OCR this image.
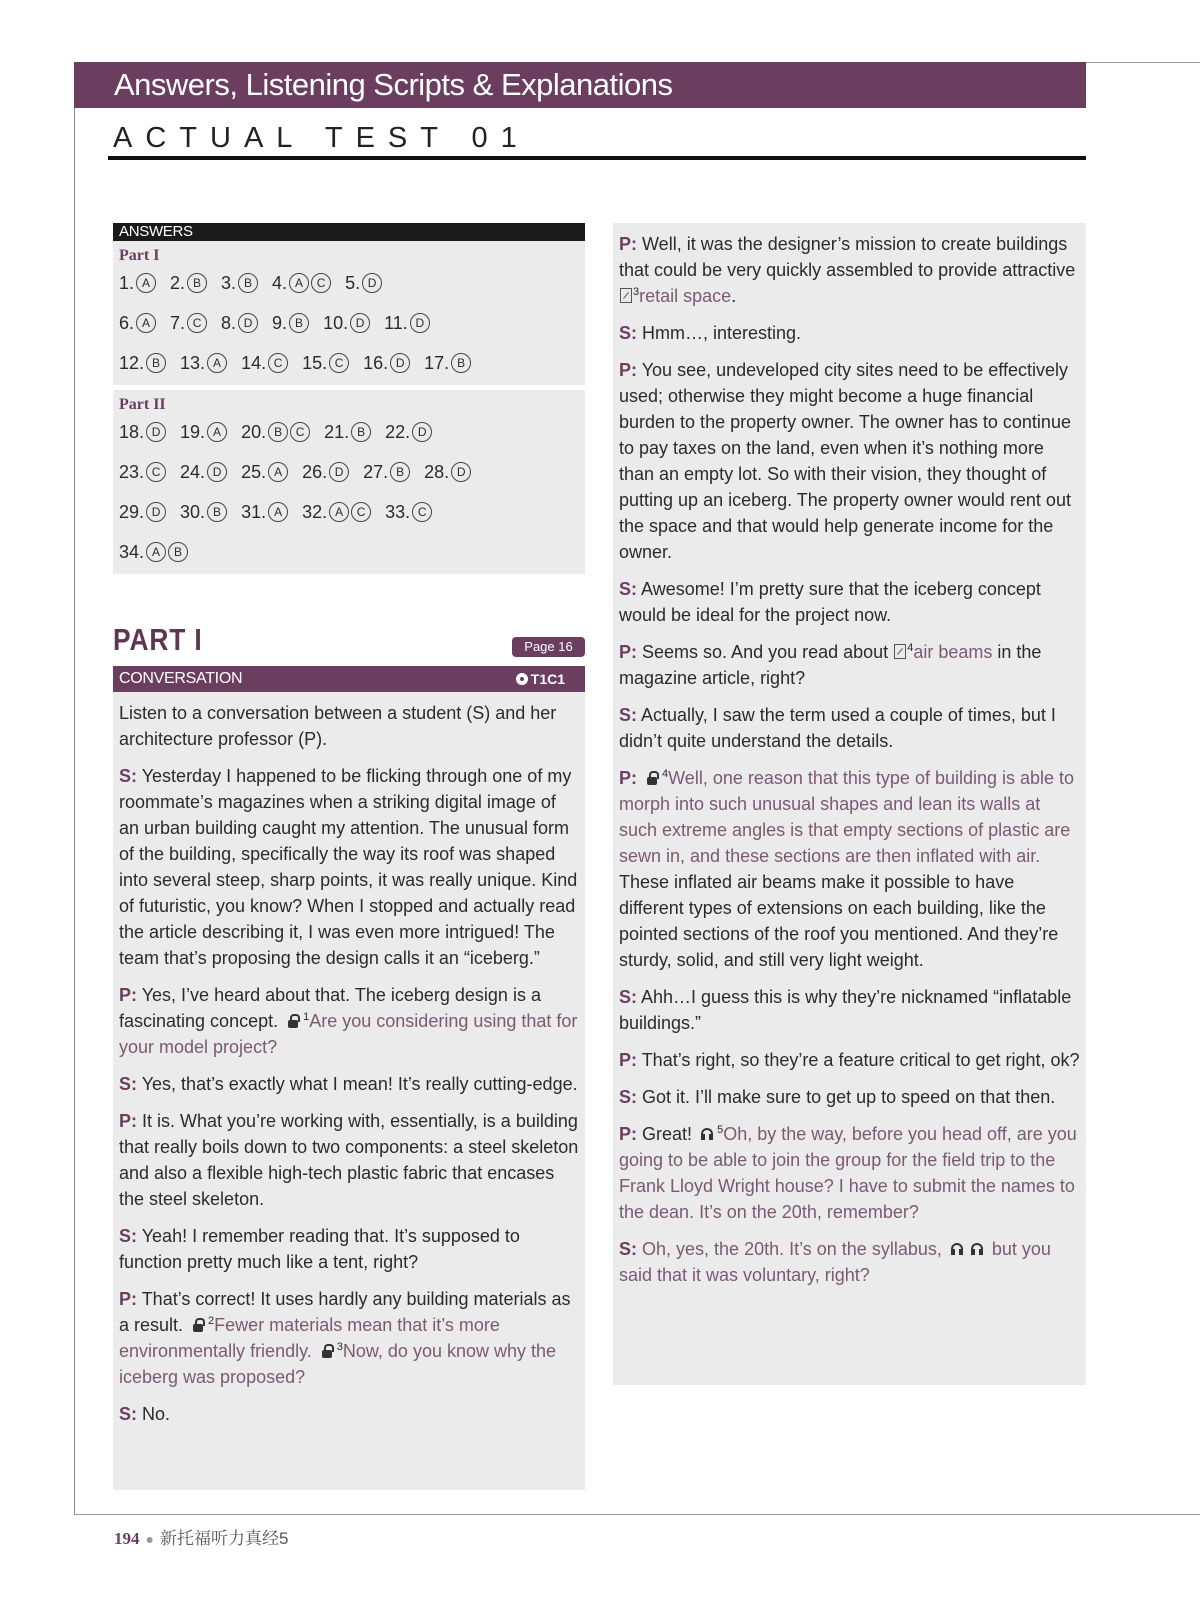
Answers, Listening Scripts & Explanations
ACTUAL TEST 01
ANSWERS
Part I
1. A 2. B 3. B 4. A C 5. D
6. A 7. C 8. D 9. B 10. D 11. D
12. B 13. A 14. C 15. C 16. D 17. B
Part II
18. D 19. A 20. B C 21. B 22. D
23. C 24. D 25. A 26. D 27. B 28. D
29. D 30. B 31. A 32. A C 33. C
34. A B
PART I	Page 16
CONVERSATION	T1C1

Listen to a conversation between a student (S) and her architecture professor (P).

S: Yesterday I happened to be flicking through one of my roommate’s magazines when a striking digital image of an urban building caught my attention. The unusual form of the building, specifically the way its roof was shaped into several steep, sharp points, it was really unique. Kind of futuristic, you know? When I stopped and actually read the article describing it, I was even more intrigued! The team that’s proposing the design calls it an “iceberg.”

P: Yes, I’ve heard about that. The iceberg design is a fascinating concept. $^1$Are you considering using that for your model project?

S: Yes, that’s exactly what I mean! It’s really cutting-edge.

P: It is. What you’re working with, essentially, is a building that really boils down to two components: a steel skeleton and also a flexible high-tech plastic fabric that encases the steel skeleton.

S: Yeah! I remember reading that. It’s supposed to function pretty much like a tent, right?

P: That’s correct! It uses hardly any building materials as a result. $^2$Fewer materials mean that it’s more environmentally friendly. $^3$Now, do you know why the iceberg was proposed?

S: No.

P: Well, it was the designer’s mission to create buildings that could be very quickly assembled to provide attractive $^3$retail space.

S: Hmm…, interesting.

P: You see, undeveloped city sites need to be effectively used; otherwise they might become a huge financial burden to the property owner. The owner has to continue to pay taxes on the land, even when it’s nothing more than an empty lot. So with their vision, they thought of putting up an iceberg. The property owner would rent out the space and that would help generate income for the owner.

S: Awesome! I’m pretty sure that the iceberg concept would be ideal for the project now.

P: Seems so. And you read about $^4$air beams in the magazine article, right?

S: Actually, I saw the term used a couple of times, but I didn’t quite understand the details.

P: $^4$Well, one reason that this type of building is able to morph into such unusual shapes and lean its walls at such extreme angles is that empty sections of plastic are sewn in, and these sections are then inflated with air. These inflated air beams make it possible to have different types of extensions on each building, like the pointed sections of the roof you mentioned. And they’re sturdy, solid, and still very light weight.

S: Ahh…I guess this is why they’re nicknamed “inflatable buildings.”

P: That’s right, so they’re a feature critical to get right, ok?

S: Got it. I’ll make sure to get up to speed on that then.

P: Great! $^5$Oh, by the way, before you head off, are you going to be able to join the group for the field trip to the Frank Lloyd Wright house? I have to submit the names to the dean. It’s on the 20th, remember?

S: Oh, yes, the 20th. It’s on the syllabus,	but you said that it was voluntary, right?

194 ● 新托福听力真经5
